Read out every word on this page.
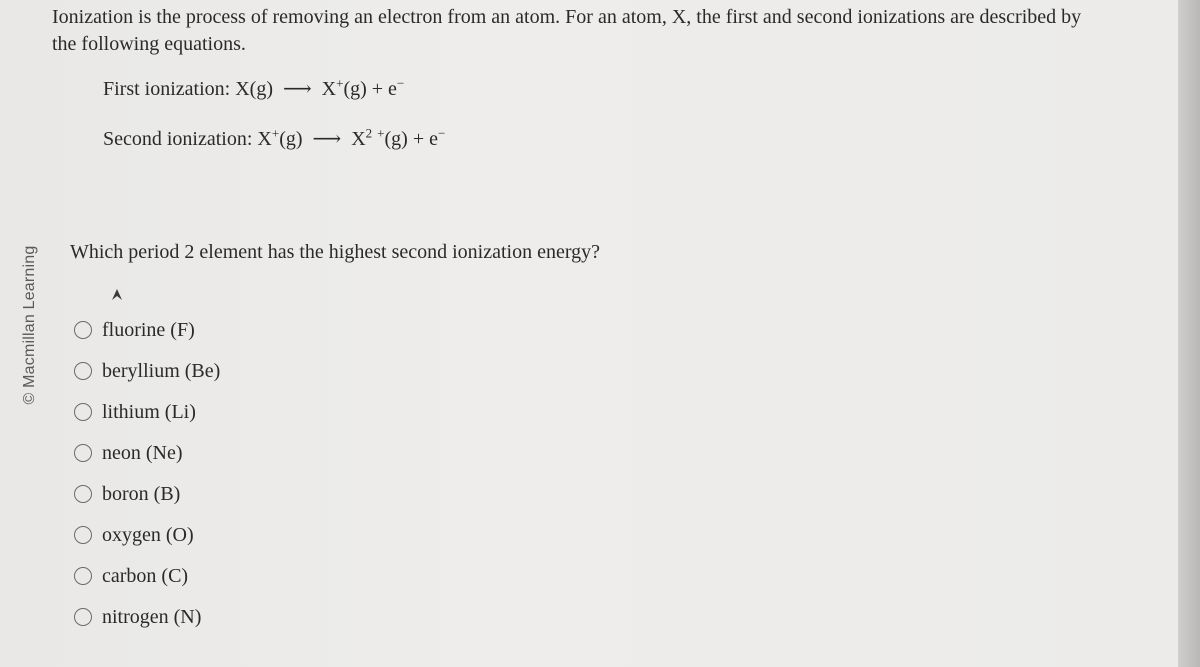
© Macmillan Learning
Ionization is the process of removing an electron from an atom. For an atom, X, the first and second ionizations are described by the following equations.
First ionization: X(g) ⟶ X+(g) + e−
Second ionization: X+(g) ⟶ $X^2$ +(g) + e−
Which period 2 element has the highest second ionization energy?
fluorine (F)
beryllium (Be)
lithium (Li)
neon (Ne)
boron (B)
oxygen (O)
carbon (C)
nitrogen (N)
